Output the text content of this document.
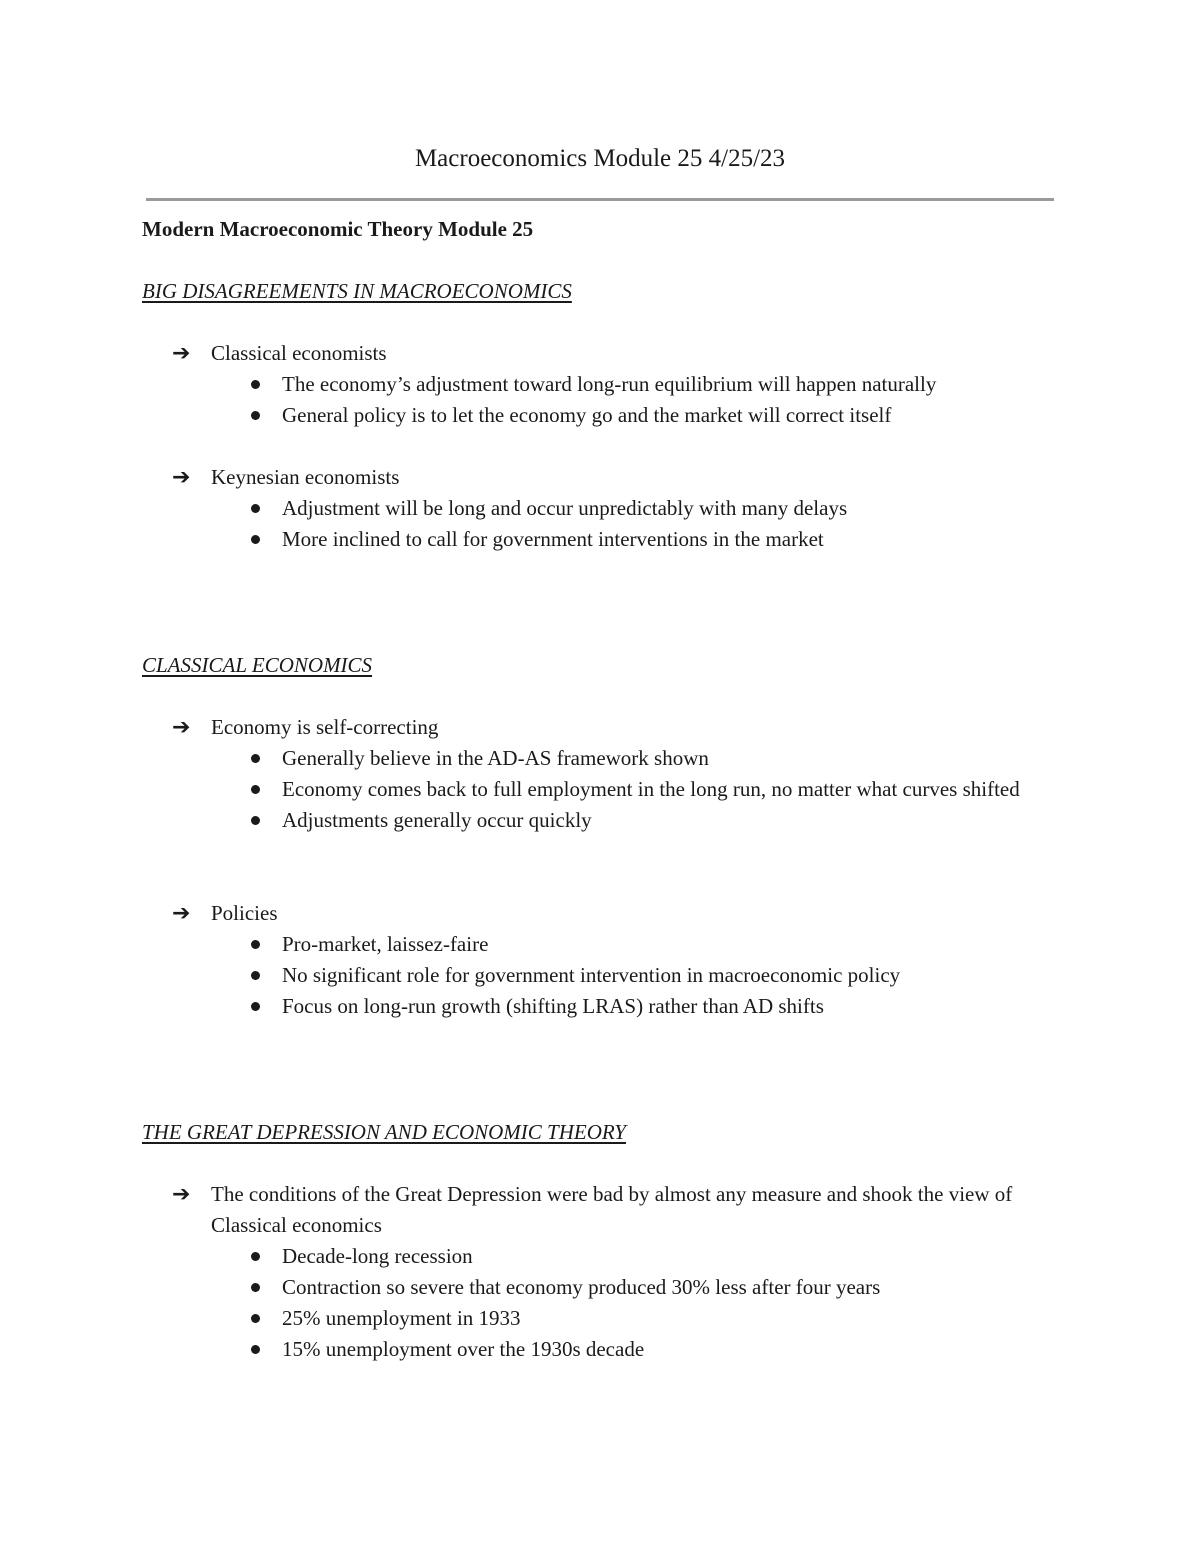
Macroeconomics Module 25 4/25/23
Modern Macroeconomic Theory Module 25
BIG DISAGREEMENTS IN MACROECONOMICS
➔ Classical economists
The economy’s adjustment toward long-run equilibrium will happen naturally
General policy is to let the economy go and the market will correct itself
➔ Keynesian economists
Adjustment will be long and occur unpredictably with many delays
More inclined to call for government interventions in the market
CLASSICAL ECONOMICS
➔ Economy is self-correcting
Generally believe in the AD-AS framework shown
Economy comes back to full employment in the long run, no matter what curves shifted
Adjustments generally occur quickly
➔ Policies
Pro-market, laissez-faire
No significant role for government intervention in macroeconomic policy
Focus on long-run growth (shifting LRAS) rather than AD shifts
THE GREAT DEPRESSION AND ECONOMIC THEORY
➔ The conditions of the Great Depression were bad by almost any measure and shook the view of Classical economics
Decade-long recession
Contraction so severe that economy produced 30% less after four years
25% unemployment in 1933
15% unemployment over the 1930s decade
